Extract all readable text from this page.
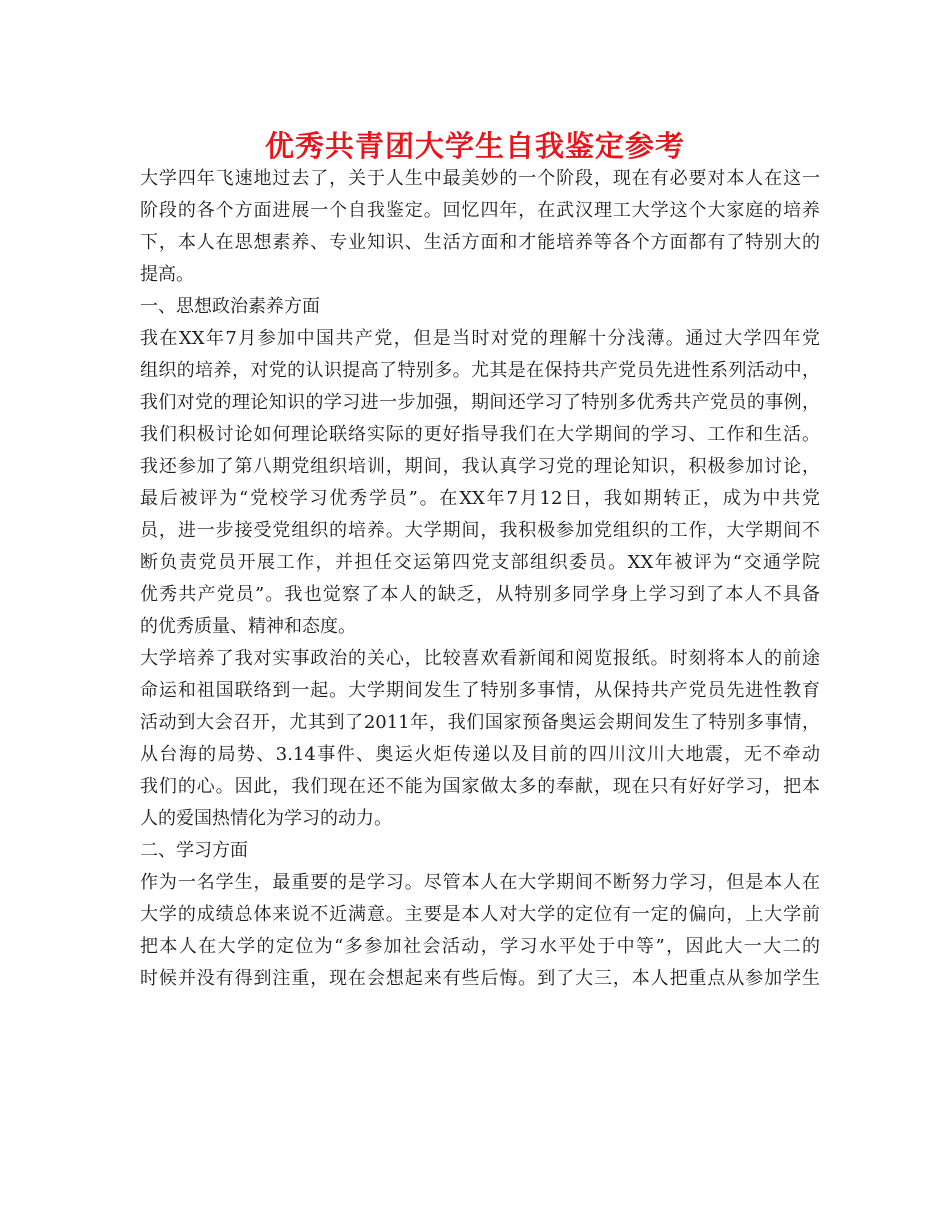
优秀共青团大学生自我鉴定参考
大学四年飞速地过去了，关于人生中最美妙的一个阶段，现在有必要对本人在这一
阶段的各个方面进展一个自我鉴定。回忆四年，在武汉理工大学这个大家庭的培养
下，本人在思想素养、专业知识、生活方面和才能培养等各个方面都有了特别大的
提高。
一、思想政治素养方面
我在XX年7月参加中国共产党，但是当时对党的理解十分浅薄。通过大学四年党
组织的培养，对党的认识提高了特别多。尤其是在保持共产党员先进性系列活动中，
我们对党的理论知识的学习进一步加强，期间还学习了特别多优秀共产党员的事例，
我们积极讨论如何理论联络实际的更好指导我们在大学期间的学习、工作和生活。
我还参加了第八期党组织培训，期间，我认真学习党的理论知识，积极参加讨论，
最后被评为“党校学习优秀学员”。在XX年7月12日，我如期转正，成为中共党
员，进一步接受党组织的培养。大学期间，我积极参加党组织的工作，大学期间不
断负责党员开展工作，并担任交运第四党支部组织委员。XX年被评为“交通学院
优秀共产党员”。我也觉察了本人的缺乏，从特别多同学身上学习到了本人不具备
的优秀质量、精神和态度。
大学培养了我对实事政治的关心，比较喜欢看新闻和阅览报纸。时刻将本人的前途
命运和祖国联络到一起。大学期间发生了特别多事情，从保持共产党员先进性教育
活动到大会召开，尤其到了2011年，我们国家预备奥运会期间发生了特别多事情，
从台海的局势、3.14事件、奥运火炬传递以及目前的四川汶川大地震，无不牵动
我们的心。因此，我们现在还不能为国家做太多的奉献，现在只有好好学习，把本
人的爱国热情化为学习的动力。
二、学习方面
作为一名学生，最重要的是学习。尽管本人在大学期间不断努力学习，但是本人在
大学的成绩总体来说不近满意。主要是本人对大学的定位有一定的偏向，上大学前
把本人在大学的定位为“多参加社会活动，学习水平处于中等”，因此大一大二的
时候并没有得到注重，现在会想起来有些后悔。到了大三，本人把重点从参加学生
